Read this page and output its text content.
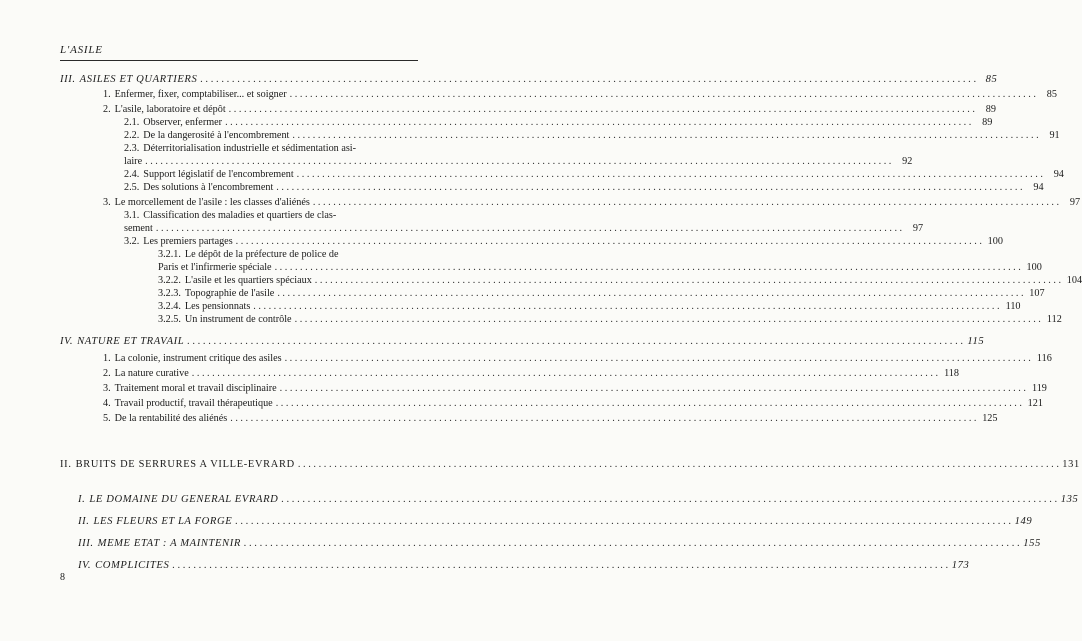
L'ASILE
III. ASILES ET QUARTIERS . . .	85
1. Enfermer, fixer, comptabiliser... et soigner . . .	85
2. L'asile, laboratoire et dépôt . . .	89
2.1. Observer, enfermer . . .	89
2.2. De la dangerosité à l'encombrement . . .	91
2.3. Déterritorialisation industrielle et sédimentation asi-
laire . . .	92
2.4. Support législatif de l'encombrement . . .	94
2.5. Des solutions à l'encombrement . . .	94
3. Le morcellement de l'asile : les classes d'aliénés . . .	97
3.1. Classification des maladies et quartiers de clas-
sement . . .	97
3.2. Les premiers partages . . .	100
3.2.1. Le dépôt de la préfecture de police de
Paris et l'infirmerie spéciale . . .	100
3.2.2. L'asile et les quartiers spéciaux . . .	104
3.2.3. Topographie de l'asile . . .	107
3.2.4. Les pensionnats . . .	110
3.2.5. Un instrument de contrôle . . .	112
IV. NATURE ET TRAVAIL . . .	115
1. La colonie, instrument critique des asiles . . .	116
2. La nature curative . . .	118
3. Traitement moral et travail disciplinaire . . .	119
4. Travail productif, travail thérapeutique . . .	121
5. De la rentabilité des aliénés . . .	125
II. BRUITS DE SERRURES A VILLE-EVRARD . . .	131
I. LE DOMAINE DU GENERAL EVRARD . . .	135
II. LES FLEURS ET LA FORGE . . .	149
III. MEME ETAT : A MAINTENIR . . .	155
IV. COMPLICITES . . .	173
8
